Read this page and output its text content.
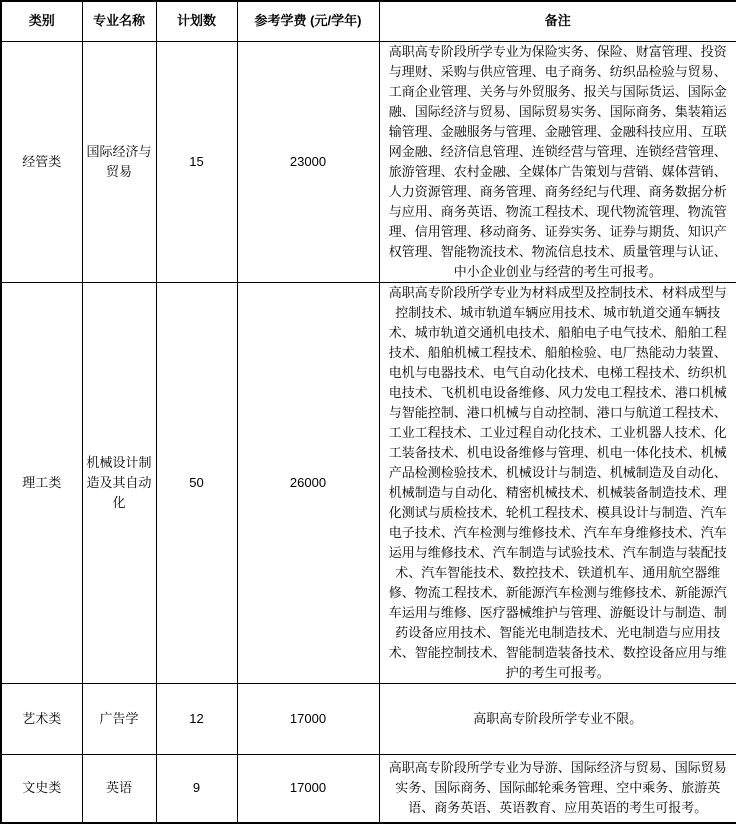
类别	专业名称	计划数	参考学费 (元/学年)	备注
经管类	国际经济与贸易	15	23000	高职高专阶段所学专业为保险实务、保险、财富管理、投资与理财、采购与供应管理、电子商务、纺织品检验与贸易、工商企业管理、关务与外贸服务、报关与国际货运、国际金融、国际经济与贸易、国际贸易实务、国际商务、集装箱运输管理、金融服务与管理、金融管理、金融科技应用、互联网金融、经济信息管理、连锁经营与管理、连锁经营管理、旅游管理、农村金融、全媒体广告策划与营销、媒体营销、人力资源管理、商务管理、商务经纪与代理、商务数据分析与应用、商务英语、物流工程技术、现代物流管理、物流管理、信用管理、移动商务、证券实务、证券与期货、知识产权管理、智能物流技术、物流信息技术、质量管理与认证、中小企业创业与经营的考生可报考。
理工类	机械设计制造及其自动化	50	26000	高职高专阶段所学专业为材料成型及控制技术、材料成型与控制技术、城市轨道车辆应用技术、城市轨道交通车辆技术、城市轨道交通机电技术、船舶电子电气技术、船舶工程技术、船舶机械工程技术、船舶检验、电厂热能动力装置、电机与电器技术、电气自动化技术、电梯工程技术、纺织机电技术、飞机机电设备维修、风力发电工程技术、港口机械与智能控制、港口机械与自动控制、港口与航道工程技术、工业工程技术、工业过程自动化技术、工业机器人技术、化工装备技术、机电设备维修与管理、机电一体化技术、机械产品检测检验技术、机械设计与制造、机械制造及自动化、机械制造与自动化、精密机械技术、机械装备制造技术、理化测试与质检技术、轮机工程技术、模具设计与制造、汽车电子技术、汽车检测与维修技术、汽车车身维修技术、汽车运用与维修技术、汽车制造与试验技术、汽车制造与装配技术、汽车智能技术、数控技术、铁道机车、通用航空器维修、物流工程技术、新能源汽车检测与维修技术、新能源汽车运用与维修、医疗器械维护与管理、游艇设计与制造、制药设备应用技术、智能光电制造技术、光电制造与应用技术、智能控制技术、智能制造装备技术、数控设备应用与维护的考生可报考。
艺术类	广告学	12	17000	高职高专阶段所学专业不限。
文史类	英语	9	17000	高职高专阶段所学专业为导游、国际经济与贸易、国际贸易实务、国际商务、国际邮轮乘务管理、空中乘务、旅游英语、商务英语、英语教育、应用英语的考生可报考。
